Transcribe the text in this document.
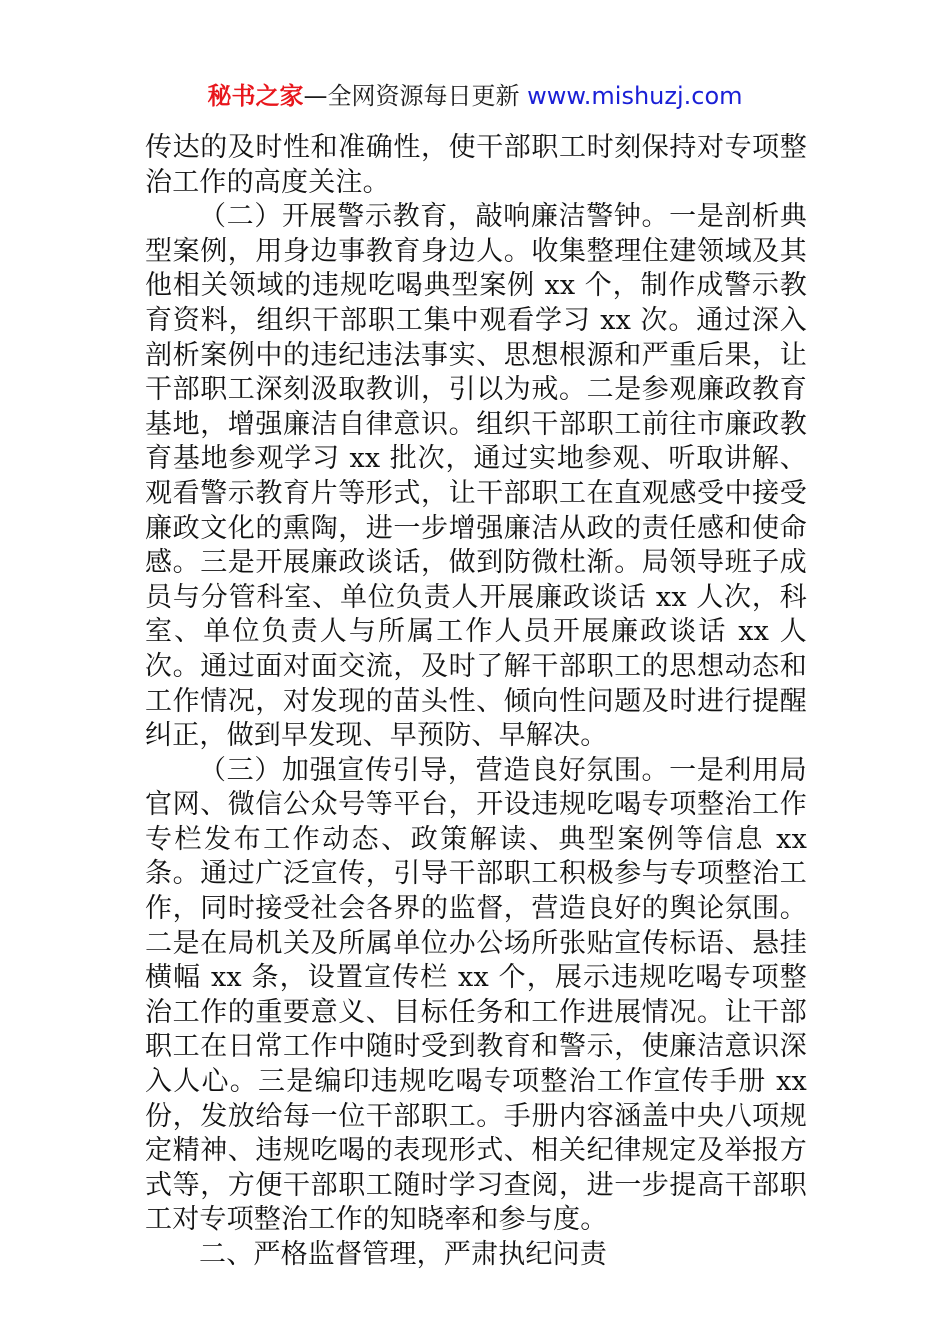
秘书之家—全网资源每日更新 www.mishuzj.com

传达的及时性和准确性，使干部职工时刻保持对专项整治工作的高度关注。

（二）开展警示教育，敲响廉洁警钟。一是剖析典型案例，用身边事教育身边人。收集整理住建领域及其他相关领域的违规吃喝典型案例 xx 个，制作成警示教育资料，组织干部职工集中观看学习 xx 次。通过深入剖析案例中的违纪违法事实、思想根源和严重后果，让干部职工深刻汲取教训，引以为戒。二是参观廉政教育基地，增强廉洁自律意识。组织干部职工前往市廉政教育基地参观学习 xx 批次，通过实地参观、听取讲解、观看警示教育片等形式，让干部职工在直观感受中接受廉政文化的熏陶，进一步增强廉洁从政的责任感和使命感。三是开展廉政谈话，做到防微杜渐。局领导班子成员与分管科室、单位负责人开展廉政谈话 xx 人次，科室、单位负责人与所属工作人员开展廉政谈话 xx 人次。通过面对面交流，及时了解干部职工的思想动态和工作情况，对发现的苗头性、倾向性问题及时进行提醒纠正，做到早发现、早预防、早解决。

（三）加强宣传引导，营造良好氛围。一是利用局官网、微信公众号等平台，开设违规吃喝专项整治工作专栏发布工作动态、政策解读、典型案例等信息 xx 条。通过广泛宣传，引导干部职工积极参与专项整治工作，同时接受社会各界的监督，营造良好的舆论氛围。二是在局机关及所属单位办公场所张贴宣传标语、悬挂横幅 xx 条，设置宣传栏 xx 个，展示违规吃喝专项整治工作的重要意义、目标任务和工作进展情况。让干部职工在日常工作中随时受到教育和警示，使廉洁意识深入人心。三是编印违规吃喝专项整治工作宣传手册 xx 份，发放给每一位干部职工。手册内容涵盖中央八项规定精神、违规吃喝的表现形式、相关纪律规定及举报方式等，方便干部职工随时学习查阅，进一步提高干部职工对专项整治工作的知晓率和参与度。

二、严格监督管理，严肃执纪问责
